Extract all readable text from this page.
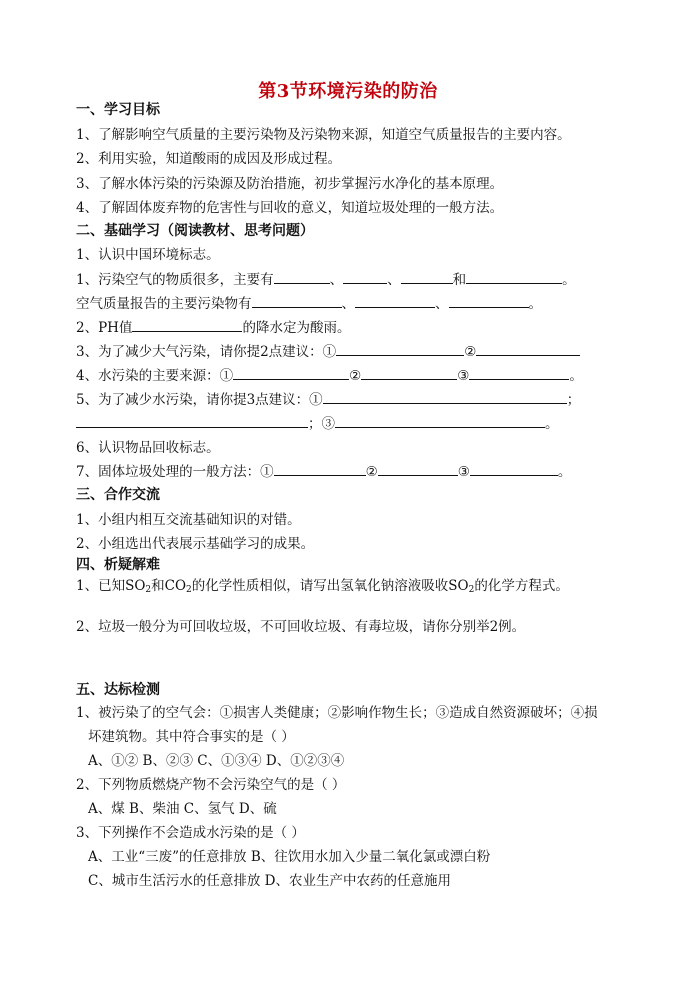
第3节环境污染的防治
一、学习目标
1、了解影响空气质量的主要污染物及污染物来源，知道空气质量报告的主要内容。
2、利用实验，知道酸雨的成因及形成过程。
3、了解水体污染的污染源及防治措施，初步掌握污水净化的基本原理。
4、了解固体废弃物的危害性与回收的意义，知道垃圾处理的一般方法。
二、基础学习（阅读教材、思考问题）
1、认识中国环境标志。
1、污染空气的物质很多，主要有	、	、	和	。
空气质量报告的主要污染物有	、	、	。
2、PH值	的降水定为酸雨。
3、为了减少大气污染，请你提2点建议：①	②
4、水污染的主要来源：①	②	③	。
5、为了减少水污染，请你提3点建议：①	；
；③	。
6、认识物品回收标志。
7、固体垃圾处理的一般方法：①	②	③	。
三、合作交流
1、小组内相互交流基础知识的对错。
2、小组选出代表展示基础学习的成果。
四、析疑解难
1、已知$SO_2$和$CO_2$的化学性质相似，请写出氢氧化钠溶液吸收$SO_2$的化学方程式。
2、垃圾一般分为可回收垃圾，不可回收垃圾、有毒垃圾，请你分别举2例。
五、达标检测
1、被污染了的空气会：①损害人类健康；②影响作物生长；③造成自然资源破坏；④损
坏建筑物。其中符合事实的是（ ）
A、①② B、②③ C、①③④ D、①②③④
2、下列物质燃烧产物不会污染空气的是（ ）
A、煤 B、柴油 C、氢气 D、硫
3、下列操作不会造成水污染的是（ ）
A、工业“三废”的任意排放 B、往饮用水加入少量二氧化氯或漂白粉
C、城市生活污水的任意排放 D、农业生产中农药的任意施用
